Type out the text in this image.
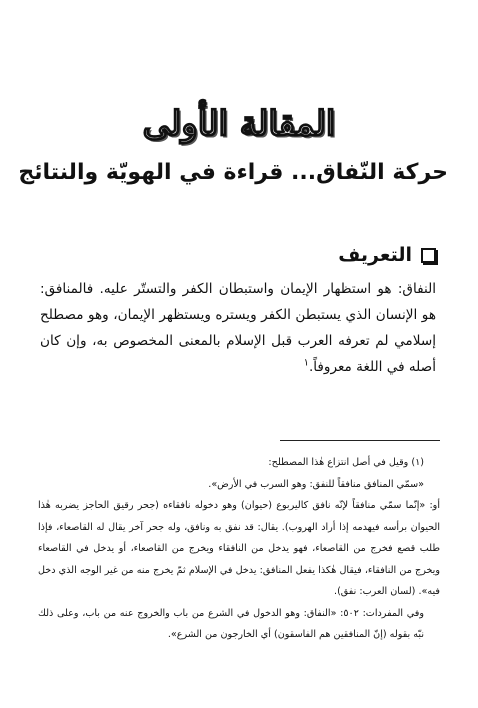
المقالة الأولى
حركة النّفاق... قراءة في الهويّة والنتائج
التعريف

النفاق: هو استظهار الإيمان واستبطان الكفر والتستّر عليه. فالمنافق: هو الإنسان الذي يستبطن الكفر ويستره ويستظهر الإيمان، وهو مصطلح إسلامي لم تعرفه العرب قبل الإسلام بالمعنى المخصوص به، وإن كان أصله في اللغة معروفاً.$^١$

(١) وقيل في أصل انتزاع هٰذا المصطلح:

«سمّي المنافق منافقاً للنفق: وهو السرب في الأرض».

أو: «إنّما سمّي منافقاً لإنّه نافق كاليربوع (حيوان) وهو دخوله نافقاءه (جحر رقيق الحاجز يضربه هٰذا الحيوان برأسه فيهدمه إذا أراد الهروب). يقال: قد نفق به ونافق، وله جحر آخر يقال له القاصعاء، فإذا طلب قصع فخرج من القاصعاء، فهو يدخل من النافقاء ويخرج من القاصعاء، أو يدخل في القاصعاء ويخرج من النافقاء، فيقال هٰكذا يفعل المنافق: يدخل في الإسلام ثمّ يخرج منه من غير الوجه الذي دخل فيه». (لسان العرب: نفق).

وفي المفردات: ٥٠٢: «النفاق: وهو الدخول في الشرع من باب والخروج عنه من باب، وعلى ذلك نبّه بقوله (إنّ المنافقين هم الفاسقون) أي الخارجون من الشرع».
